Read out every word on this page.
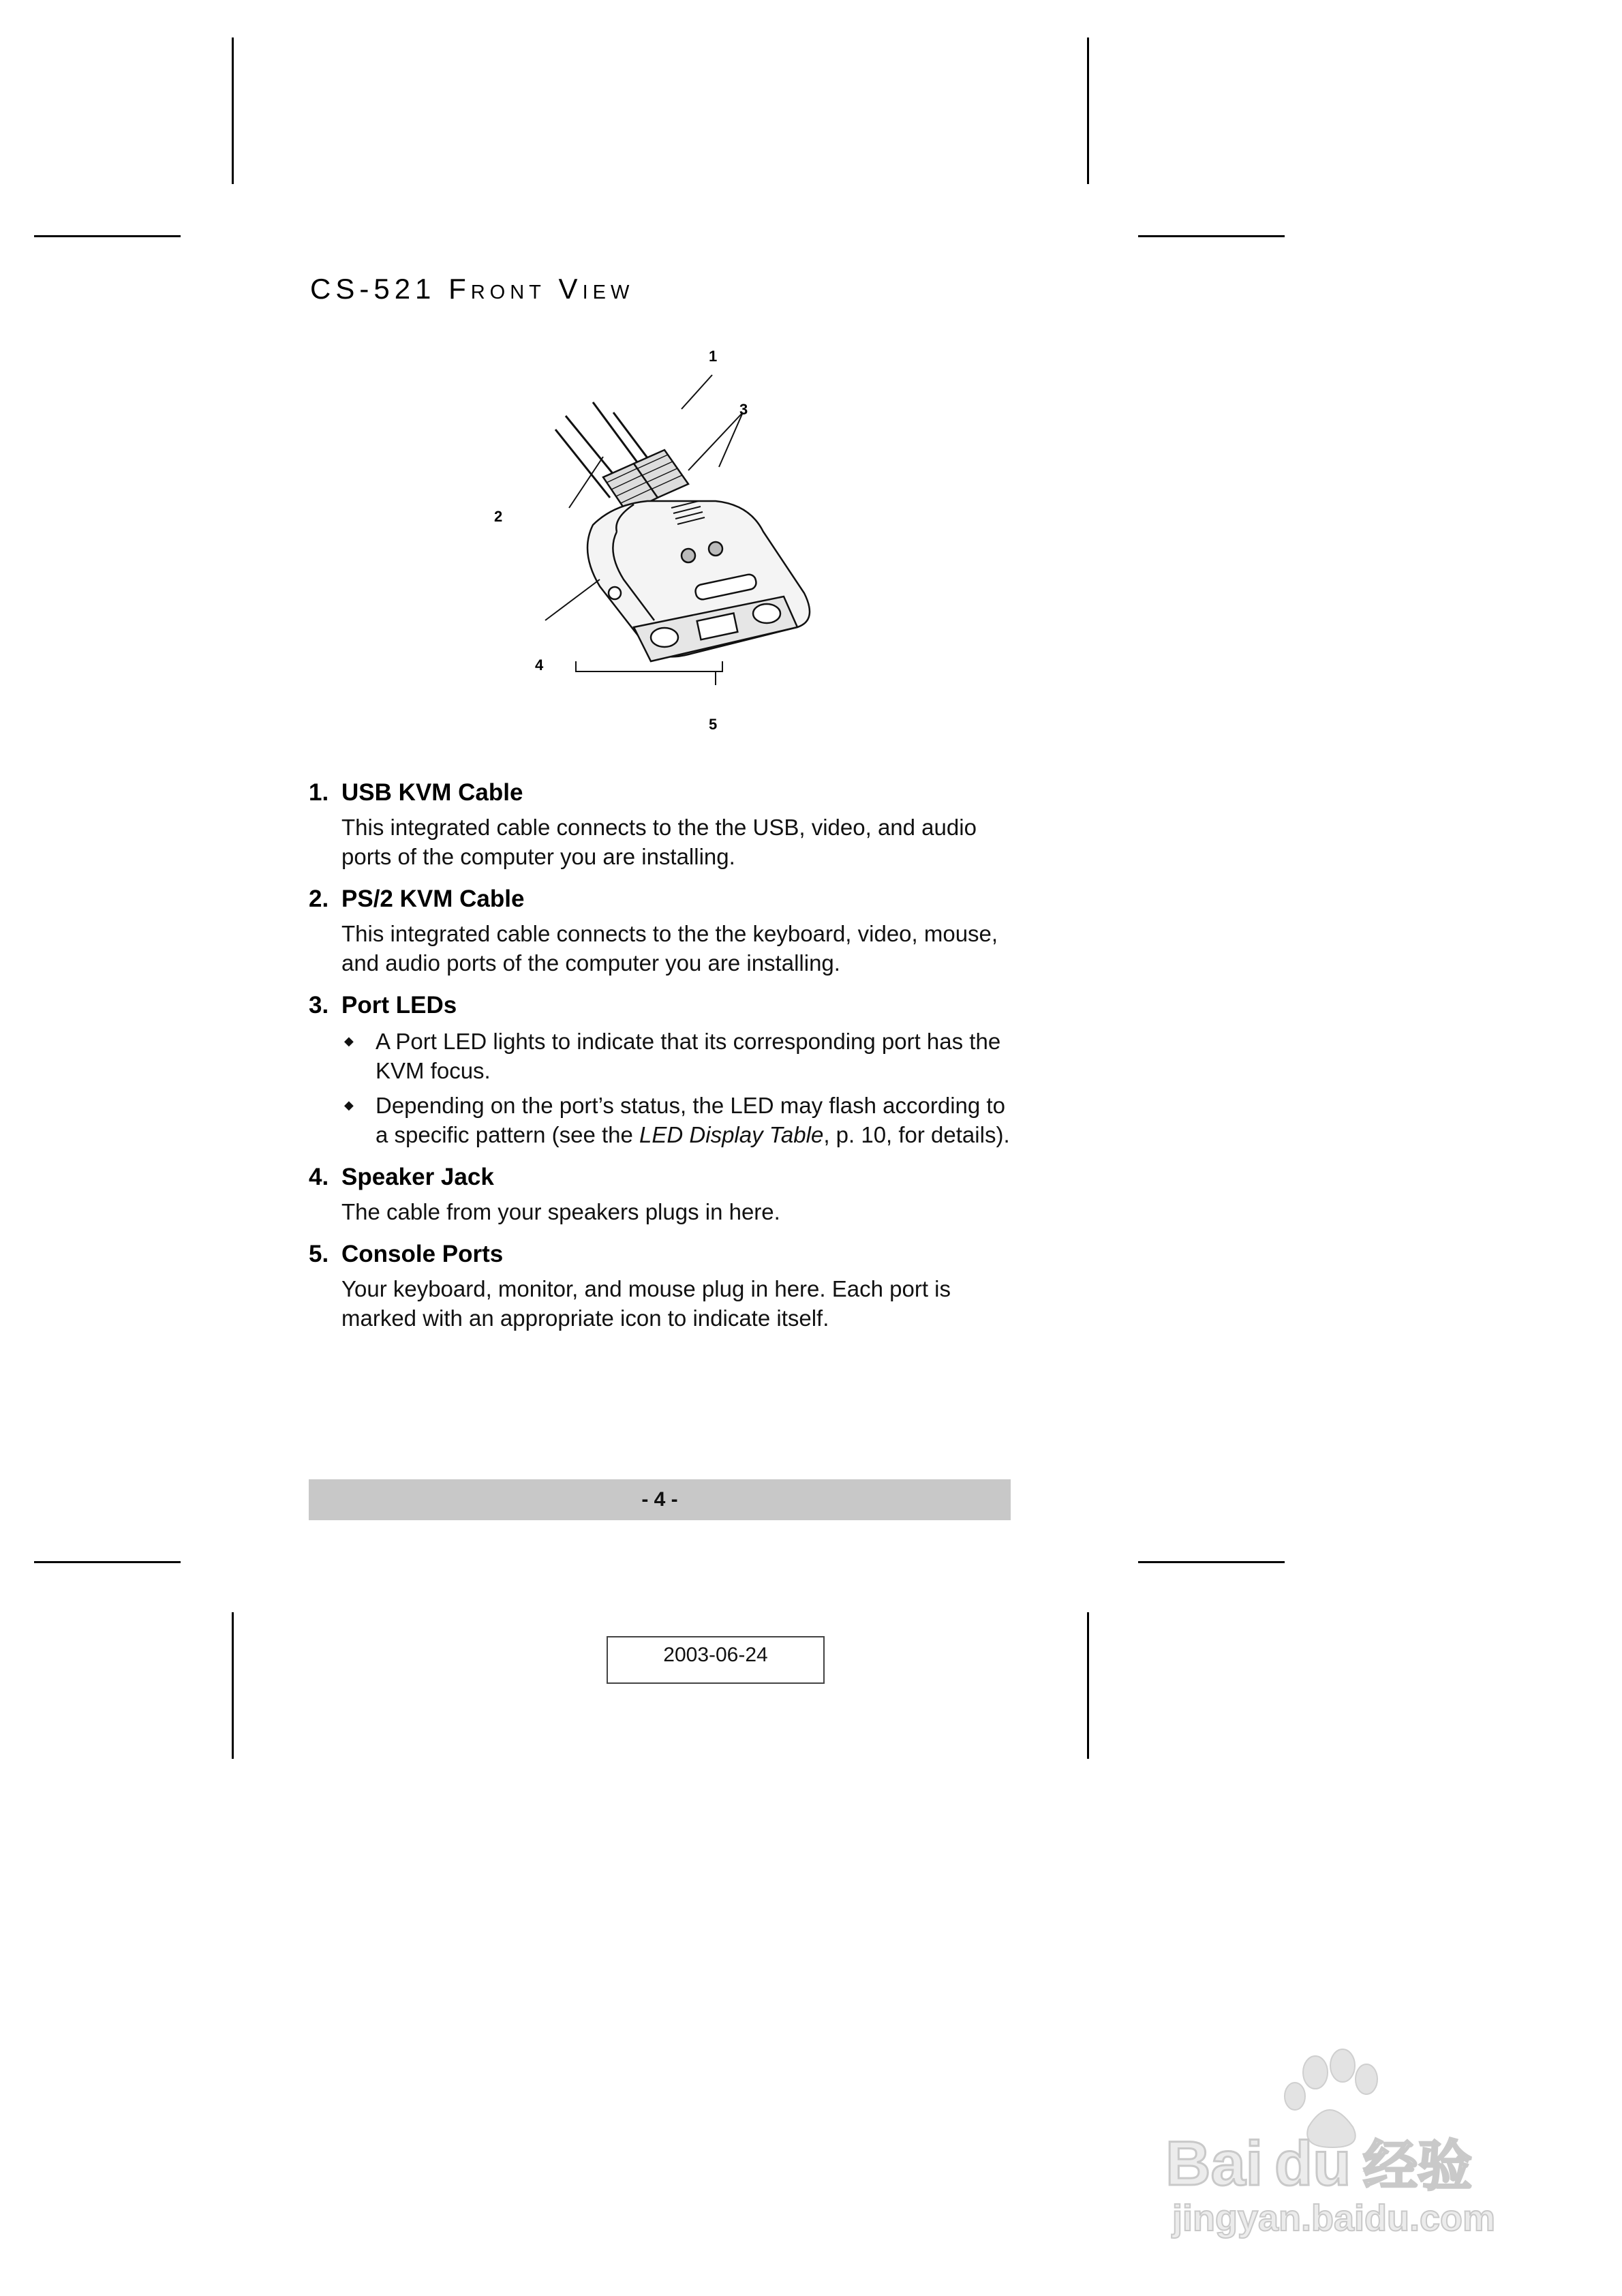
CS-521 Front View
1
2
3
4
5
1. USB KVM Cable
This integrated cable connects to the the USB, video, and audio ports of the computer you are installing.
2. PS/2 KVM Cable
This integrated cable connects to the the keyboard, video, mouse, and audio ports of the computer you are installing.
3. Port LEDs
◆ A Port LED lights to indicate that its corresponding port has the KVM focus.
◆ Depending on the port’s status, the LED may flash according to a specific pattern (see the LED Display Table, p. 10, for details).
4. Speaker Jack
The cable from your speakers plugs in here.
5. Console Ports
Your keyboard, monitor, and mouse plug in here. Each port is marked with an appropriate icon to indicate itself.
- 4 -
2003-06-24
Bai du 经验
jingyan.baidu.com
